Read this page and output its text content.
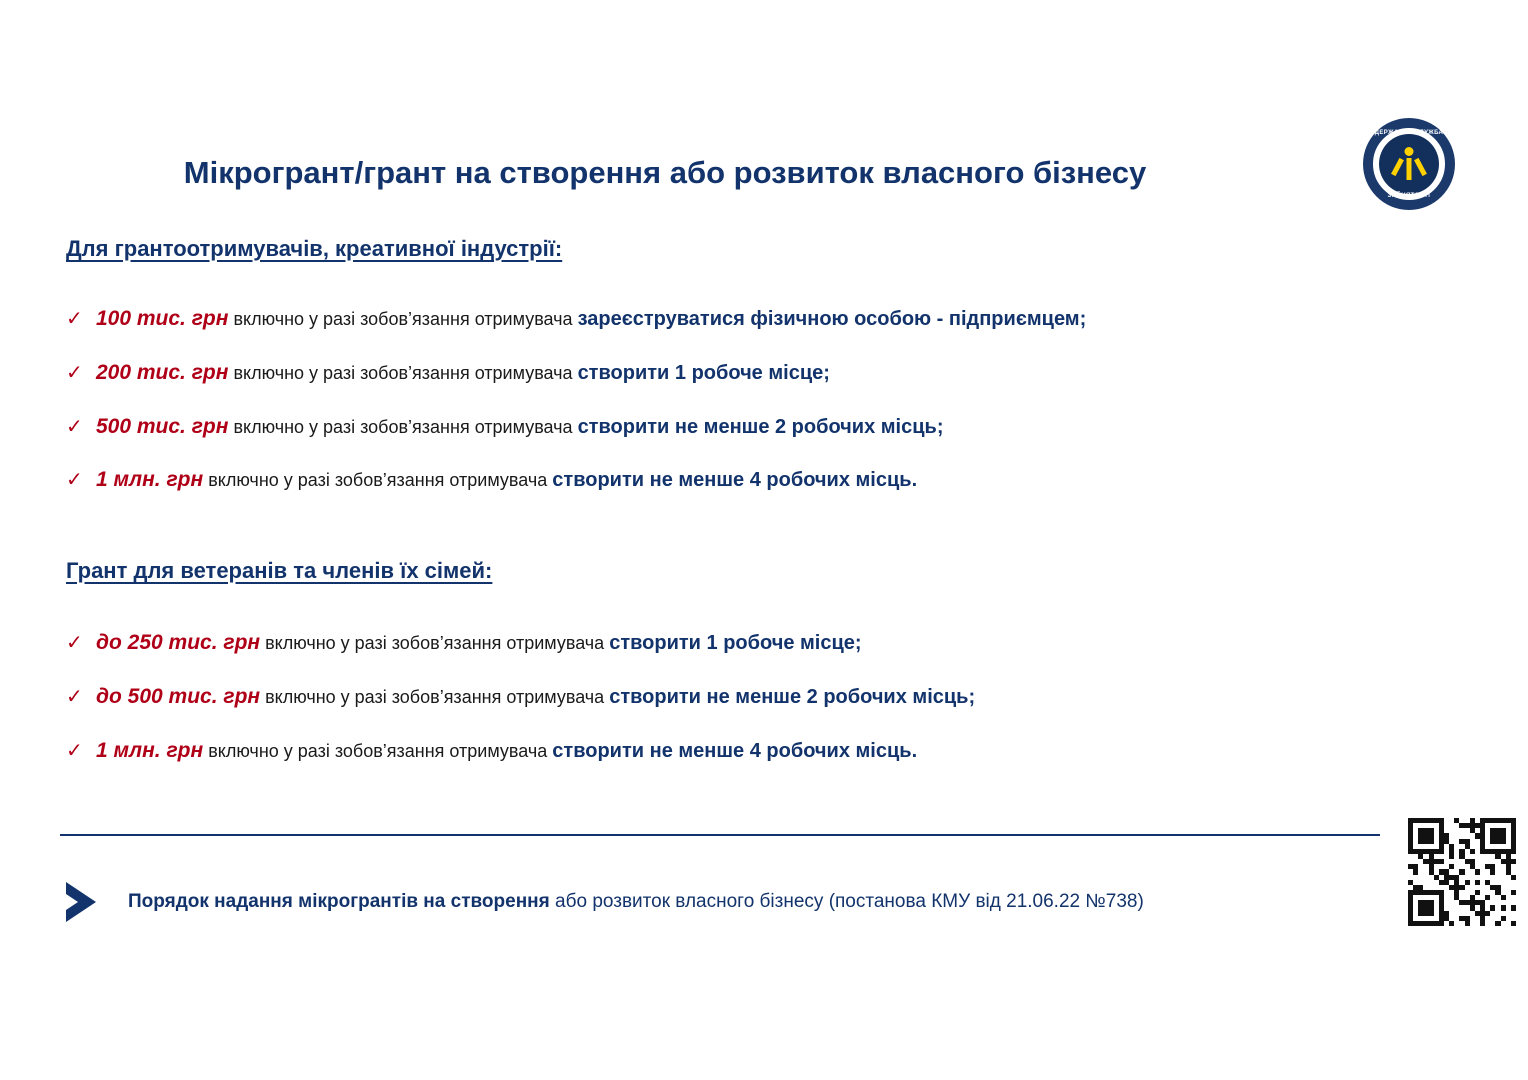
ДЕРЖАВНА СЛУЖБА
ЗАЙНЯТОСТІ
Мікрогрант/грант на створення або розвиток власного бізнесу
Для грантоотримувачів, креативної індустрії:
✓ 100 тис. грн включно у разі зобов’язання отримувача зареєструватися фізичною особою - підприємцем;
✓ 200 тис. грн включно у разі зобов’язання отримувача створити 1 робоче місце;
✓ 500 тис. грн включно у разі зобов’язання отримувача створити не менше 2 робочих місць;
✓ 1 млн. грн включно у разі зобов’язання отримувача створити не менше 4 робочих місць.
Грант для ветеранів та членів їх сімей:
✓ до 250 тис. грн включно у разі зобов’язання отримувача створити 1 робоче місце;
✓ до 500 тис. грн включно у разі зобов’язання отримувача створити не менше 2 робочих місць;
✓ 1 млн. грн включно у разі зобов’язання отримувача створити не менше 4 робочих місць.
Порядок надання мікрогрантів на створення або розвиток власного бізнесу (постанова КМУ від 21.06.22 №738)
